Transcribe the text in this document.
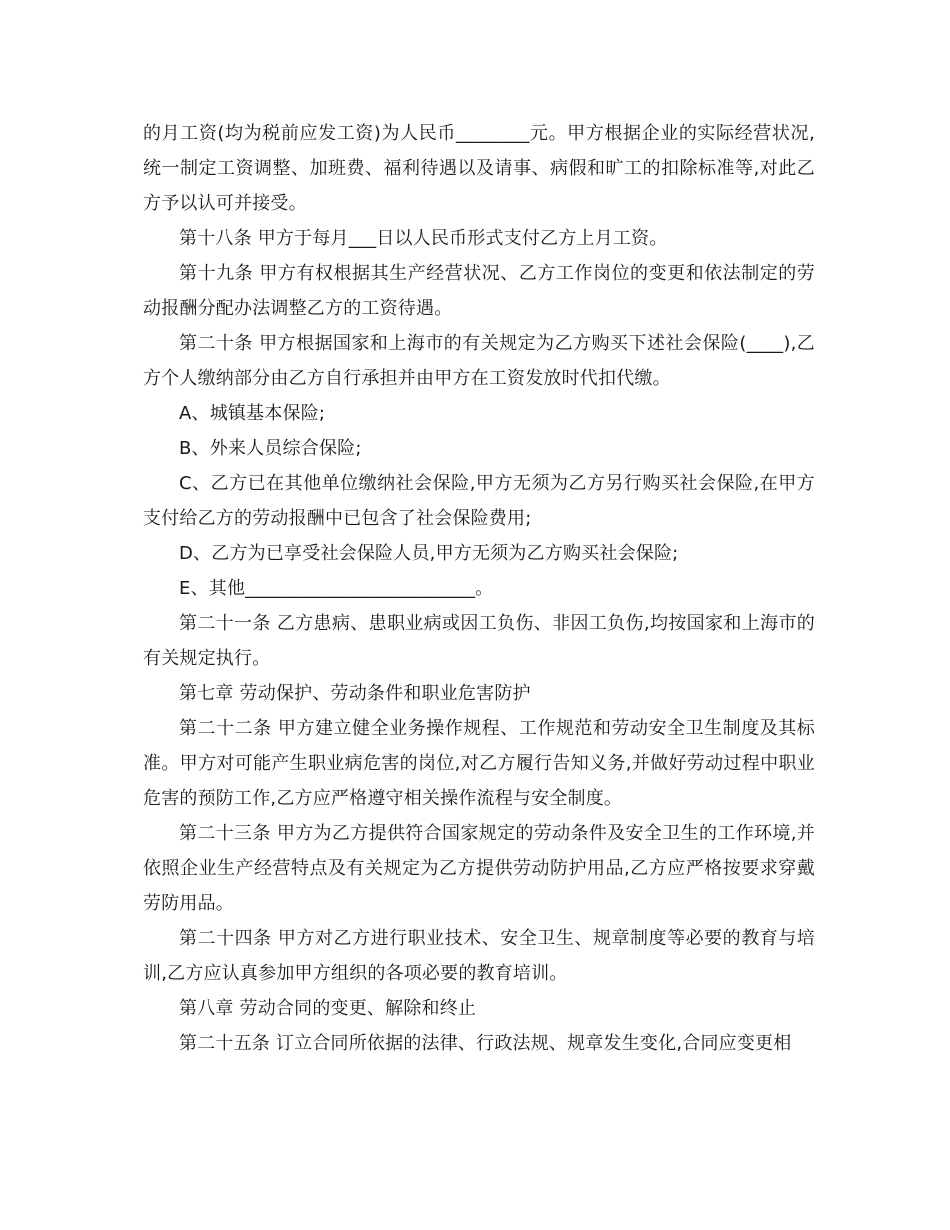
的月工资(均为税前应发工资)为人民币________元。甲方根据企业的实际经营状况,统一制定工资调整、加班费、福利待遇以及请事、病假和旷工的扣除标准等,对此乙方予以认可并接受。

第十八条 甲方于每月___日以人民币形式支付乙方上月工资。

第十九条 甲方有权根据其生产经营状况、乙方工作岗位的变更和依法制定的劳动报酬分配办法调整乙方的工资待遇。

第二十条 甲方根据国家和上海市的有关规定为乙方购买下述社会保险(____),乙方个人缴纳部分由乙方自行承担并由甲方在工资发放时代扣代缴。

A、城镇基本保险;

B、外来人员综合保险;

C、乙方已在其他单位缴纳社会保险,甲方无须为乙方另行购买社会保险,在甲方支付给乙方的劳动报酬中已包含了社会保险费用;

D、乙方为已享受社会保险人员,甲方无须为乙方购买社会保险;

E、其他_________________________。

第二十一条 乙方患病、患职业病或因工负伤、非因工负伤,均按国家和上海市的有关规定执行。

第七章 劳动保护、劳动条件和职业危害防护

第二十二条 甲方建立健全业务操作规程、工作规范和劳动安全卫生制度及其标准。甲方对可能产生职业病危害的岗位,对乙方履行告知义务,并做好劳动过程中职业危害的预防工作,乙方应严格遵守相关操作流程与安全制度。

第二十三条 甲方为乙方提供符合国家规定的劳动条件及安全卫生的工作环境,并依照企业生产经营特点及有关规定为乙方提供劳动防护用品,乙方应严格按要求穿戴劳防用品。

第二十四条 甲方对乙方进行职业技术、安全卫生、规章制度等必要的教育与培训,乙方应认真参加甲方组织的各项必要的教育培训。

第八章 劳动合同的变更、解除和终止

第二十五条 订立合同所依据的法律、行政法规、规章发生变化,合同应变更相
